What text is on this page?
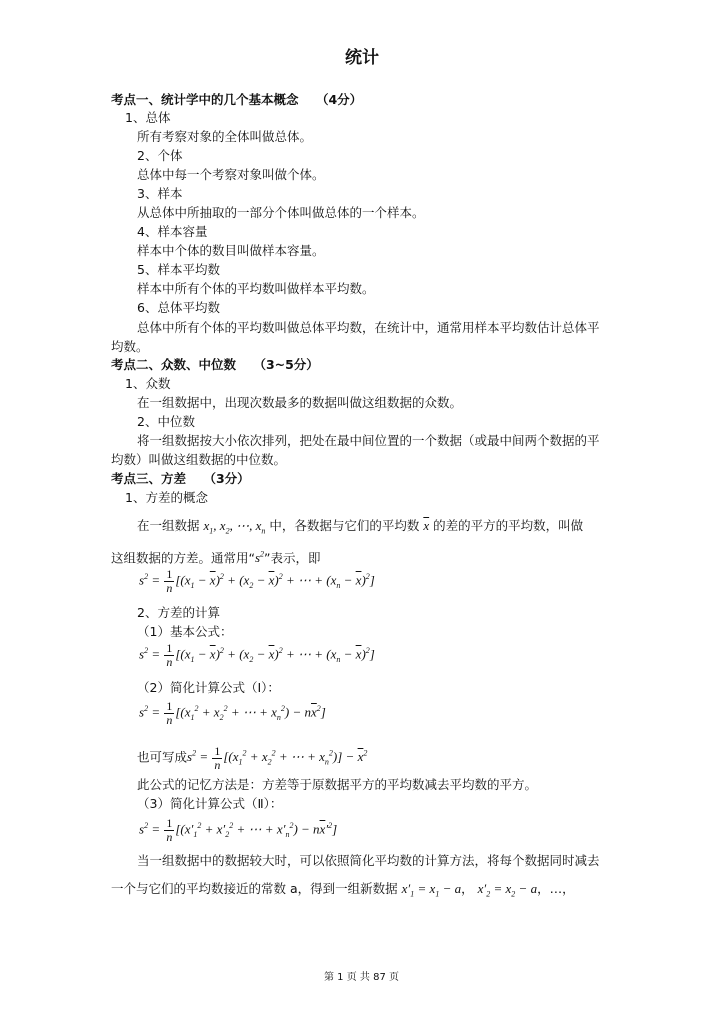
统计
考点一、统计学中的几个基本概念 （4分）
1、总体
所有考察对象的全体叫做总体。
2、个体
总体中每一个考察对象叫做个体。
3、样本
从总体中所抽取的一部分个体叫做总体的一个样本。
4、样本容量
样本中个体的数目叫做样本容量。
5、样本平均数
样本中所有个体的平均数叫做样本平均数。
6、总体平均数
总体中所有个体的平均数叫做总体平均数，在统计中，通常用样本平均数估计总体平
均数。
考点二、众数、中位数 （3~5分）
1、众数
在一组数据中，出现次数最多的数据叫做这组数据的众数。
2、中位数
将一组数据按大小依次排列，把处在最中间位置的一个数据（或最中间两个数据的平
均数）叫做这组数据的中位数。
考点三、方差 （3分）
1、方差的概念
在一组数据 $x_1$, $x_2$, ⋯, $x_n$ 中，各数据与它们的平均数 $\overline{x}$ 的差的平方的平均数，叫做
这组数据的方差。通常用“$s^2$”表示，即
$s^2 = \frac{1}{n} [(x_1 - \overline{x})^2 + (x_2 - \overline{x})^2$ + ⋯ + $(x_n - \overline{x})^2$]
2、方差的计算
（1）基本公式：
$s^2 = \frac{1}{n} [(x_1 - \overline{x})^2 + (x_2 - \overline{x})^2$ + ⋯ + $(x_n - \overline{x})^2$]
（2）简化计算公式（Ⅰ）：
$s^2 = \frac{1}{n} [(x_1^2 + x_2^2$ + ⋯ + $x_n^2) - n\overline{x}^2$]
也可写成$s^2 = \frac{1}{n} [(x_1^2 + x_2^2$ + ⋯ + $x_n^2)] - \overline{x}^2$
此公式的记忆方法是：方差等于原数据平方的平均数减去平均数的平方。
（3）简化计算公式（Ⅱ）：
$s^2 = \frac{1}{n} [(x'_1^2 + x'_2^2$ + ⋯ + $x'_n^2) - n\overline{x}'^2$]
当一组数据中的数据较大时，可以依照简化平均数的计算方法，将每个数据同时减去
一个与它们的平均数接近的常数 a，得到一组新数据 $x'_1 = x_1 - a$， $x'_2 = x_2 - a$，…，
第 1 页 共 87 页
